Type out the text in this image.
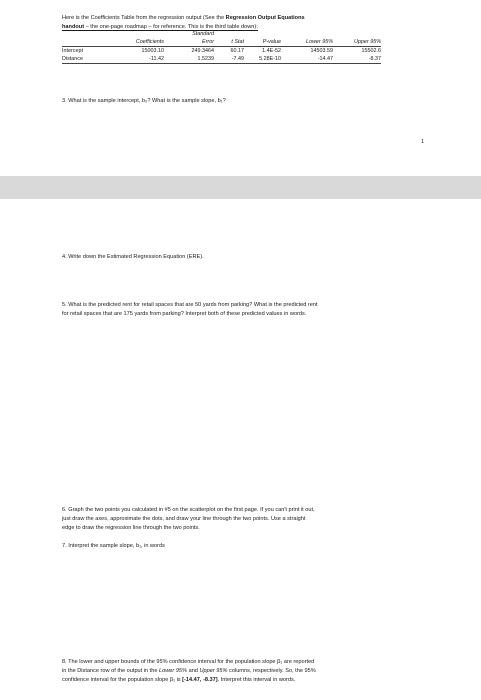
Here is the Coefficients Table from the regression output (See the Regression Output Equations
handout – the one-page roadmap – for reference. This is the third table down):
		Standard				
	Coefficients	Error	t Stat	P-value	Lower 95%	Upper 95%
Intercept	15003.10	249.3464	60.17	1.4E-52	14503.59	15502.6
Distance	-11.42	1.5239	-7.49	5.28E-10	-14.47	-8.37
3. What is the sample intercept, b₀? What is the sample slope, b₁?
1
4. Write down the Estimated Regression Equation (ERE).
5. What is the predicted rent for retail spaces that are 50 yards from parking? What is the predicted rent
for retail spaces that are 175 yards from parking? Interpret both of these predicted values in words.
6. Graph the two points you calculated in #5 on the scatterplot on the first page. If you can't print it out,
just draw the axes, approximate the dots, and draw your line through the two points. Use a straight
edge to draw the regression line through the two points.
7. Interpret the sample slope, b₁, in words
8. The lower and upper bounds of the 95% confidence interval for the population slope β₁ are reported
in the Distance row of the output in the Lower 95% and Upper 95% columns, respectively. So, the 95%
confidence interval for the population slope β₁ is [-14.47, -8.37]. Interpret this interval in words.
